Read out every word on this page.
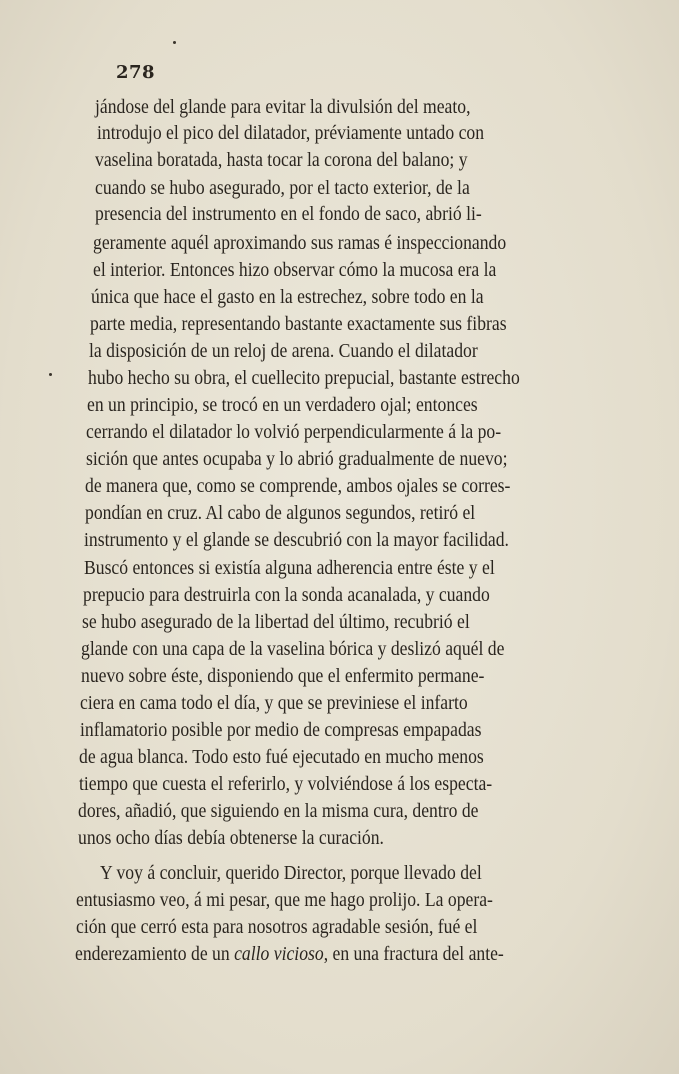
278
jándose del glande para evitar la divulsión del meato,
introdujo el pico del dilatador, préviamente untado con
vaselina boratada, hasta tocar la corona del balano; y
cuando se hubo asegurado, por el tacto exterior, de la
presencia del instrumento en el fondo de saco, abrió li-
geramente aquél aproximando sus ramas é inspeccionando
el interior. Entonces hizo observar cómo la mucosa era la
única que hace el gasto en la estrechez, sobre todo en la
parte media, representando bastante exactamente sus fibras
la disposición de un reloj de arena. Cuando el dilatador
hubo hecho su obra, el cuellecito prepucial, bastante estrecho
en un principio, se trocó en un verdadero ojal; entonces
cerrando el dilatador lo volvió perpendicularmente á la po-
sición que antes ocupaba y lo abrió gradualmente de nuevo;
de manera que, como se comprende, ambos ojales se corres-
pondían en cruz. Al cabo de algunos segundos, retiró el
instrumento y el glande se descubrió con la mayor facilidad.
Buscó entonces si existía alguna adherencia entre éste y el
prepucio para destruirla con la sonda acanalada, y cuando
se hubo asegurado de la libertad del último, recubrió el
glande con una capa de la vaselina bórica y deslizó aquél de
nuevo sobre éste, disponiendo que el enfermito permane-
ciera en cama todo el día, y que se previniese el infarto
inflamatorio posible por medio de compresas empapadas
de agua blanca. Todo esto fué ejecutado en mucho menos
tiempo que cuesta el referirlo, y volviéndose á los especta-
dores, añadió, que siguiendo en la misma cura, dentro de
unos ocho días debía obtenerse la curación.
Y voy á concluir, querido Director, porque llevado del
entusiasmo veo, á mi pesar, que me hago prolijo. La opera-
ción que cerró esta para nosotros agradable sesión, fué el
enderezamiento de un callo vicioso, en una fractura del ante-
